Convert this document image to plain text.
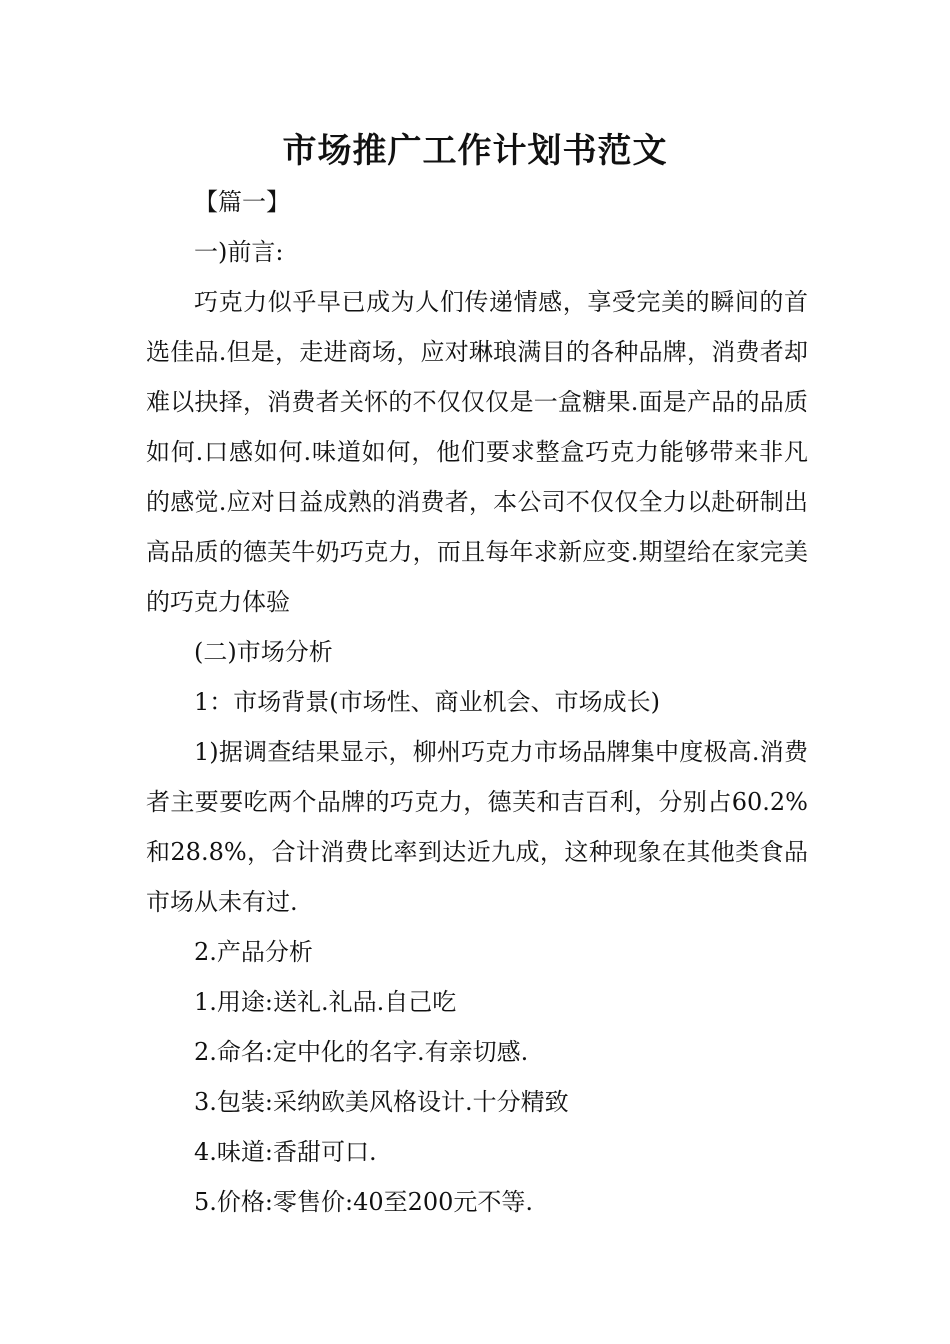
市场推广工作计划书范文

【篇一】

一)前言:

巧克力似乎早已成为人们传递情感，享受完美的瞬间的首选佳品.但是，走进商场，应对琳琅满目的各种品牌，消费者却难以抉择，消费者关怀的不仅仅仅是一盒糖果.面是产品的品质如何.口感如何.味道如何，他们要求整盒巧克力能够带来非凡的感觉.应对日益成熟的消费者，本公司不仅仅全力以赴研制出高品质的德芙牛奶巧克力，而且每年求新应变.期望给在家完美的巧克力体验

(二)市场分析

1：市场背景(市场性、商业机会、市场成长)

1)据调查结果显示，柳州巧克力市场品牌集中度极高.消费者主要要吃两个品牌的巧克力，德芙和吉百利，分别占60.2%和28.8%，合计消费比率到达近九成，这种现象在其他类食品市场从未有过.

2.产品分析

1.用途:送礼.礼品.自己吃

2.命名:定中化的名字.有亲切感.

3.包装:采纳欧美风格设计.十分精致

4.味道:香甜可口.

5.价格:零售价:40至200元不等.
